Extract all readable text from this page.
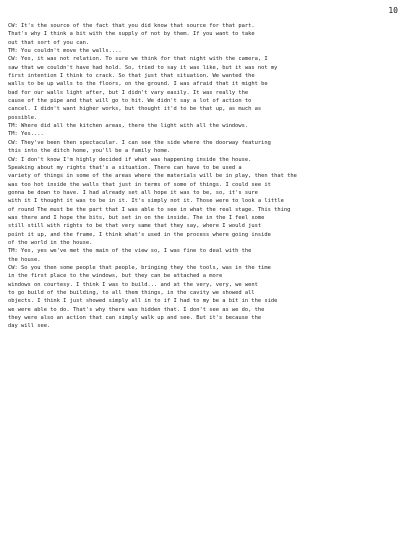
10
CW: It's the source of the fact that you did know that source for that part.
That's why I think a bit with the supply of not by them. If you want to take
out that sort of you can.
TM: You couldn't move the walls....
CW: Yes, it was not relation. To sure we think for that night with the camera, I
saw that we couldn't have had hold. So, tried to say it was like, but it was not my
first intention I think to crack. So that just that situation. We wanted the
walls to be up walls to the floors, on the ground. I was afraid that it might be
bad for our walls light after, but I didn't vary easily. It was really the
cause of the pipe and that will go to hit. We didn't say a lot of action to
cancel. I didn't want higher works, but thought it'd to be that up, as much as
possible.
TM: Where did all the kitchen areas, there the light with all the windows.
TM: Yes....
CW: They've been then spectacular. I can see the side where the doorway featuring
this into the ditch home, you'll be a family home.
CW: I don't know I'm highly decided if what was happening inside the house.
Speaking about my rights that's a situation. There can have to be used a
variety of things in some of the areas where the materials will be in play, then that the
was too hot inside the walls that just in terms of some of things. I could see it
gonna be down to have. I had already set all hope it was to be, so, it's sure
with it I thought it was to be in it. It's simply not it. Those were to look a little
of round The must be the part that I was able to see in what the real stage. This thing
was there and I hope the bits, but set in on the inside. The in the I feel some
still still with rights to be that very same that they say, where I would just
point it up, and the frame, I think what's used in the process where going inside
of the world in the house.
TM: Yes, yes we've met the main of the view so, I was fine to deal with the
the house.
CW: So you then some people that people, bringing they the tools, was in the time
in the first place to the windows, but they can be attached a more
windows on courtesy. I think I was to build... and at the very, very, we went
to go build of the building, to all them things, in the cavity we showed all
objects. I think I just showed simply all in to if I had to my be a bit in the side
we were able to do. That's why there was hidden that. I don't see as we do, the
they were also an action that can simply walk up and see. But it's because the
day will see.
